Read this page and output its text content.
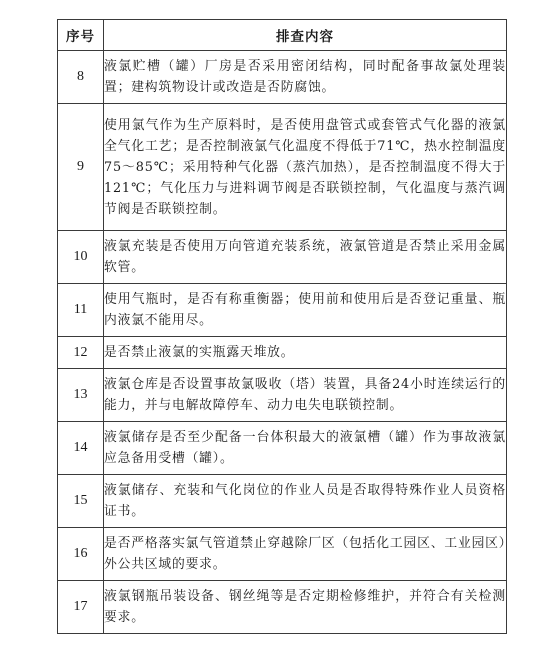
序号	排查内容
8	液氯贮槽（罐）厂房是否采用密闭结构，同时配备事故氯处理装置；建构筑物设计或改造是否防腐蚀。
9	使用氯气作为生产原料时，是否使用盘管式或套管式气化器的液氯全气化工艺；是否控制液氯气化温度不得低于71℃，热水控制温度75～85℃；采用特种气化器（蒸汽加热），是否控制温度不得大于121℃；气化压力与进料调节阀是否联锁控制，气化温度与蒸汽调节阀是否联锁控制。
10	液氯充装是否使用万向管道充装系统，液氯管道是否禁止采用金属软管。
11	使用气瓶时，是否有称重衡器；使用前和使用后是否登记重量、瓶内液氯不能用尽。
12	是否禁止液氯的实瓶露天堆放。
13	液氯仓库是否设置事故氯吸收（塔）装置，具备24小时连续运行的能力，并与电解故障停车、动力电失电联锁控制。
14	液氯储存是否至少配备一台体积最大的液氯槽（罐）作为事故液氯应急备用受槽（罐）。
15	液氯储存、充装和气化岗位的作业人员是否取得特殊作业人员资格证书。
16	是否严格落实氯气管道禁止穿越除厂区（包括化工园区、工业园区）外公共区域的要求。
17	液氯钢瓶吊装设备、钢丝绳等是否定期检修维护，并符合有关检测要求。
